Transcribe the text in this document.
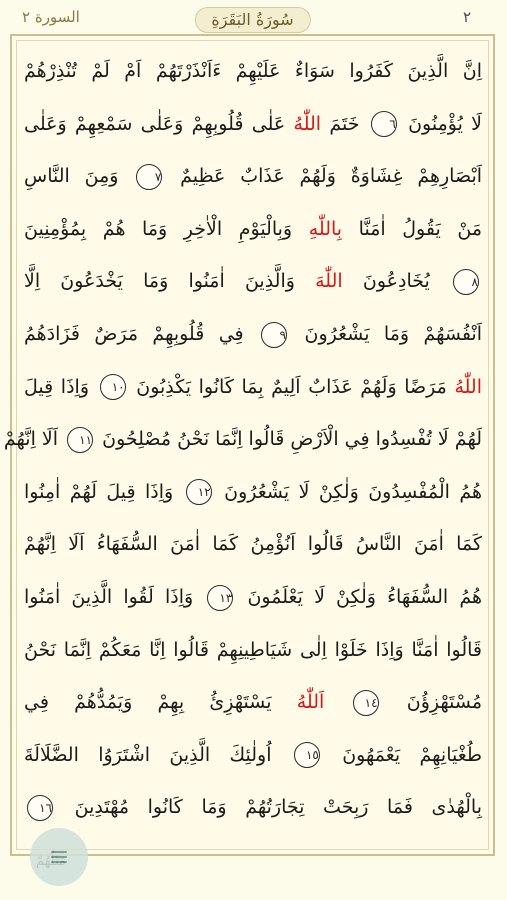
السورة ٢	سُورَةُ البَقَرَةِ	٢
اِنَّ الَّذِينَ كَفَرُوا سَوَاءٌ عَلَيْهِمْ ءَاَنْذَرْتَهُمْ اَمْ لَمْ تُنْذِرْهُمْ
لَا يُؤْمِنُونَ ٦ خَتَمَ اللّٰهُ عَلٰى قُلُوبِهِمْ وَعَلٰى سَمْعِهِمْ وَعَلٰى
اَبْصَارِهِمْ غِشَاوَةٌ وَلَهُمْ عَذَابٌ عَظِيمٌ ٧ وَمِنَ النَّاسِ
مَنْ يَقُولُ اٰمَنَّا بِاللّٰهِ وَبِالْيَوْمِ الْاٰخِرِ وَمَا هُمْ بِمُؤْمِنِينَ
٨ يُخَادِعُونَ اللّٰهَ وَالَّذِينَ اٰمَنُوا وَمَا يَخْدَعُونَ اِلَّا
اَنْفُسَهُمْ وَمَا يَشْعُرُونَ ٩ فِي قُلُوبِهِمْ مَرَضٌ فَزَادَهُمُ
اللّٰهُ مَرَضًا وَلَهُمْ عَذَابٌ اَلِيمٌ بِمَا كَانُوا يَكْذِبُونَ ١٠ وَاِذَا قِيلَ
لَهُمْ لَا تُفْسِدُوا فِي الْاَرْضِ قَالُوا اِنَّمَا نَحْنُ مُصْلِحُونَ ١١ اَلَا اِنَّهُمْ
هُمُ الْمُفْسِدُونَ وَلٰكِنْ لَا يَشْعُرُونَ ١٢ وَاِذَا قِيلَ لَهُمْ اٰمِنُوا
كَمَا اٰمَنَ النَّاسُ قَالُوا اَنُؤْمِنُ كَمَا اٰمَنَ السُّفَهَاءُ اَلَا اِنَّهُمْ
هُمُ السُّفَهَاءُ وَلٰكِنْ لَا يَعْلَمُونَ ١٣ وَاِذَا لَقُوا الَّذِينَ اٰمَنُوا
قَالُوا اٰمَنَّا وَاِذَا خَلَوْا اِلٰى شَيَاطِينِهِمْ قَالُوا اِنَّا مَعَكُمْ اِنَّمَا نَحْنُ
مُسْتَهْزِؤُنَ ١٤ اَللّٰهُ يَسْتَهْزِئُ بِهِمْ وَيَمُدُّهُمْ فِي
طُغْيَانِهِمْ يَعْمَهُونَ ١٥ اُولٰئِكَ الَّذِينَ اشْتَرَوُا الضَّلَالَةَ
بِالْهُدٰى فَمَا رَبِحَتْ تِجَارَتُهُمْ وَمَا كَانُوا مُهْتَدِينَ ١٦
